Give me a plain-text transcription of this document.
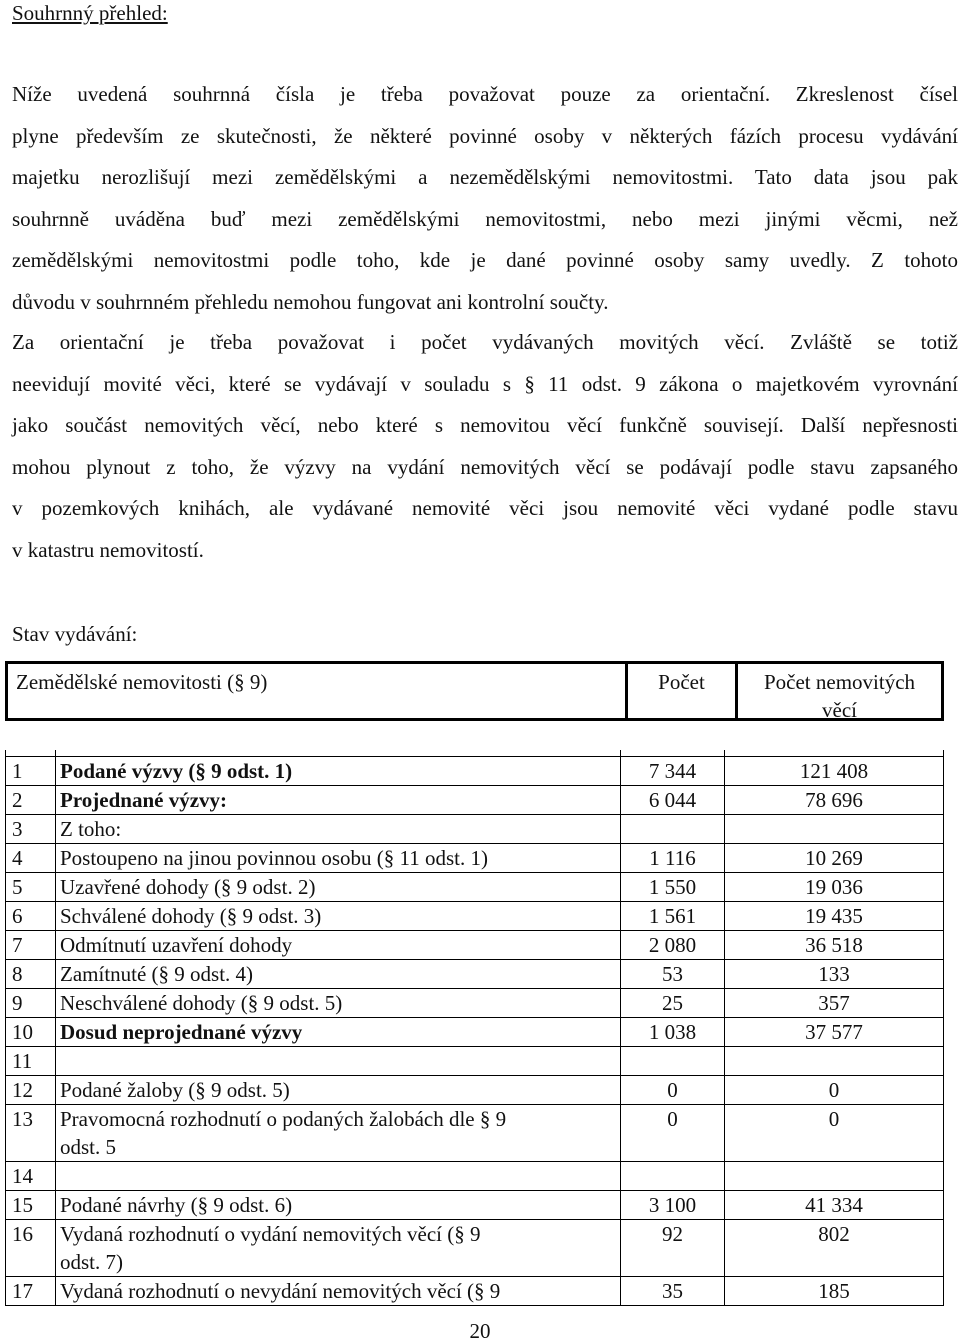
Souhrnný přehled:
Níže uvedená souhrnná čísla je třeba považovat pouze za orientační. Zkreslenost čísel
plyne především ze skutečnosti, že některé povinné osoby v některých fázích procesu vydávání
majetku nerozlišují mezi zemědělskými a nezemědělskými nemovitostmi. Tato data jsou pak
souhrnně uváděna buď mezi zemědělskými nemovitostmi, nebo mezi jinými věcmi, než
zemědělskými nemovitostmi podle toho, kde je dané povinné osoby samy uvedly. Z tohoto
důvodu v souhrnném přehledu nemohou fungovat ani kontrolní součty.
Za orientační je třeba považovat i počet vydávaných movitých věcí. Zvláště se totiž
neevidují movité věci, které se vydávají v souladu s § 11 odst. 9 zákona o majetkovém vyrovnání
jako součást nemovitých věcí, nebo které s nemovitou věcí funkčně souvisejí. Další nepřesnosti
mohou plynout z toho, že výzvy na vydání nemovitých věcí se podávají podle stavu zapsaného
v pozemkových knihách, ale vydávané nemovité věci jsou nemovité věci vydané podle stavu
v katastru nemovitostí.
Stav vydávání:
Zemědělské nemovitosti (§ 9)	Počet	Počet nemovitých
věcí

1	Podané výzvy (§ 9 odst. 1)	7 344	121 408
2	Projednané výzvy:	6 044	78 696
3	Z toho:		
4	Postoupeno na jinou povinnou osobu (§ 11 odst. 1)	1 116	10 269
5	Uzavřené dohody (§ 9 odst. 2)	1 550	19 036
6	Schválené dohody (§ 9 odst. 3)	1 561	19 435
7	Odmítnutí uzavření dohody	2 080	36 518
8	Zamítnuté (§ 9 odst. 4)	53	133
9	Neschválené dohody (§ 9 odst. 5)	25	357
10	Dosud neprojednané výzvy	1 038	37 577
11			
12	Podané žaloby (§ 9 odst. 5)	0	0
13	Pravomocná rozhodnutí o podaných žalobách dle § 9
odst. 5	0	0
14			
15	Podané návrhy (§ 9 odst. 6)	3 100	41 334
16	Vydaná rozhodnutí o vydání nemovitých věcí (§ 9
odst. 7)	92	802
17	Vydaná rozhodnutí o nevydání nemovitých věcí (§ 9	35	185
20
